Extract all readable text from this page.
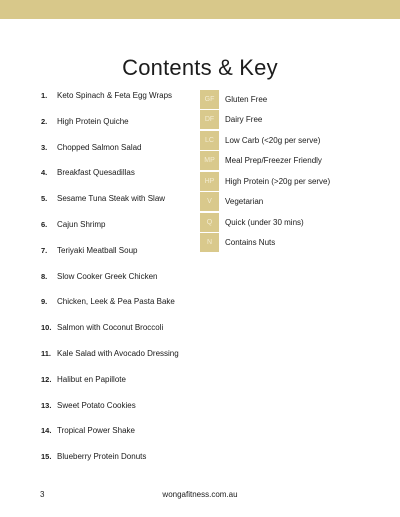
Contents & Key
1.	Keto Spinach & Feta Egg Wraps
2.	High Protein Quiche
3.	Chopped Salmon Salad
4.	Breakfast Quesadillas
5.	Sesame Tuna Steak with Slaw
6.	Cajun Shrimp
7.	Teriyaki Meatball Soup
8.	Slow Cooker Greek Chicken
9.	Chicken, Leek & Pea Pasta Bake
10. Salmon with Coconut Broccoli
11. Kale Salad with Avocado Dressing
12. Halibut en Papillote
13. Sweet Potato Cookies
14. Tropical Power Shake
15. Blueberry Protein Donuts
GF	Gluten Free
DF	Dairy Free
LC	Low Carb (<20g per serve)
MP	Meal Prep/Freezer Friendly
HP	High Protein (>20g per serve)
V	Vegetarian
Q	Quick (under 30 mins)
N	Contains Nuts
3	wongafitness.com.au
